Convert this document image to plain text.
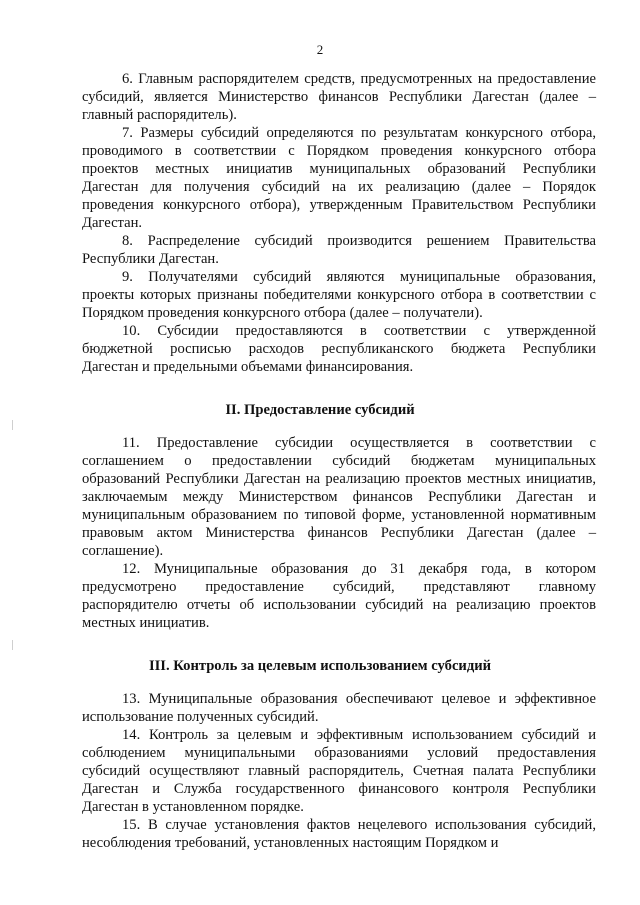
2
6. Главным распорядителем средств, предусмотренных на предоставление
субсидий, является Министерство финансов Республики Дагестан (далее –
главный распорядитель).
7. Размеры субсидий определяются по результатам конкурсного отбора,
проводимого в соответствии с Порядком проведения конкурсного отбора
проектов местных инициатив муниципальных образований Республики
Дагестан для получения субсидий на их реализацию (далее – Порядок
проведения конкурсного отбора), утвержденным Правительством Республики
Дагестан.
8. Распределение субсидий производится решением Правительства
Республики Дагестан.
9. Получателями субсидий являются муниципальные образования,
проекты которых признаны победителями конкурсного отбора в соответствии с
Порядком проведения конкурсного отбора (далее – получатели).
10. Субсидии предоставляются в соответствии с утвержденной
бюджетной росписью расходов республиканского бюджета Республики
Дагестан и предельными объемами финансирования.
II. Предоставление субсидий
11. Предоставление субсидии осуществляется в соответствии с
соглашением о предоставлении субсидий бюджетам муниципальных
образований Республики Дагестан на реализацию проектов местных инициатив,
заключаемым между Министерством финансов Республики Дагестан и
муниципальным образованием по типовой форме, установленной нормативным
правовым актом Министерства финансов Республики Дагестан (далее –
соглашение).
12. Муниципальные образования до 31 декабря года, в котором
предусмотрено предоставление субсидий, представляют главному
распорядителю отчеты об использовании субсидий на реализацию проектов
местных инициатив.
III. Контроль за целевым использованием субсидий
13. Муниципальные образования обеспечивают целевое и эффективное
использование полученных субсидий.
14. Контроль за целевым и эффективным использованием субсидий и
соблюдением муниципальными образованиями условий предоставления
субсидий осуществляют главный распорядитель, Счетная палата Республики
Дагестан и Служба государственного финансового контроля Республики
Дагестан в установленном порядке.
15. В случае установления фактов нецелевого использования субсидий,
несоблюдения требований, установленных настоящим Порядком и
